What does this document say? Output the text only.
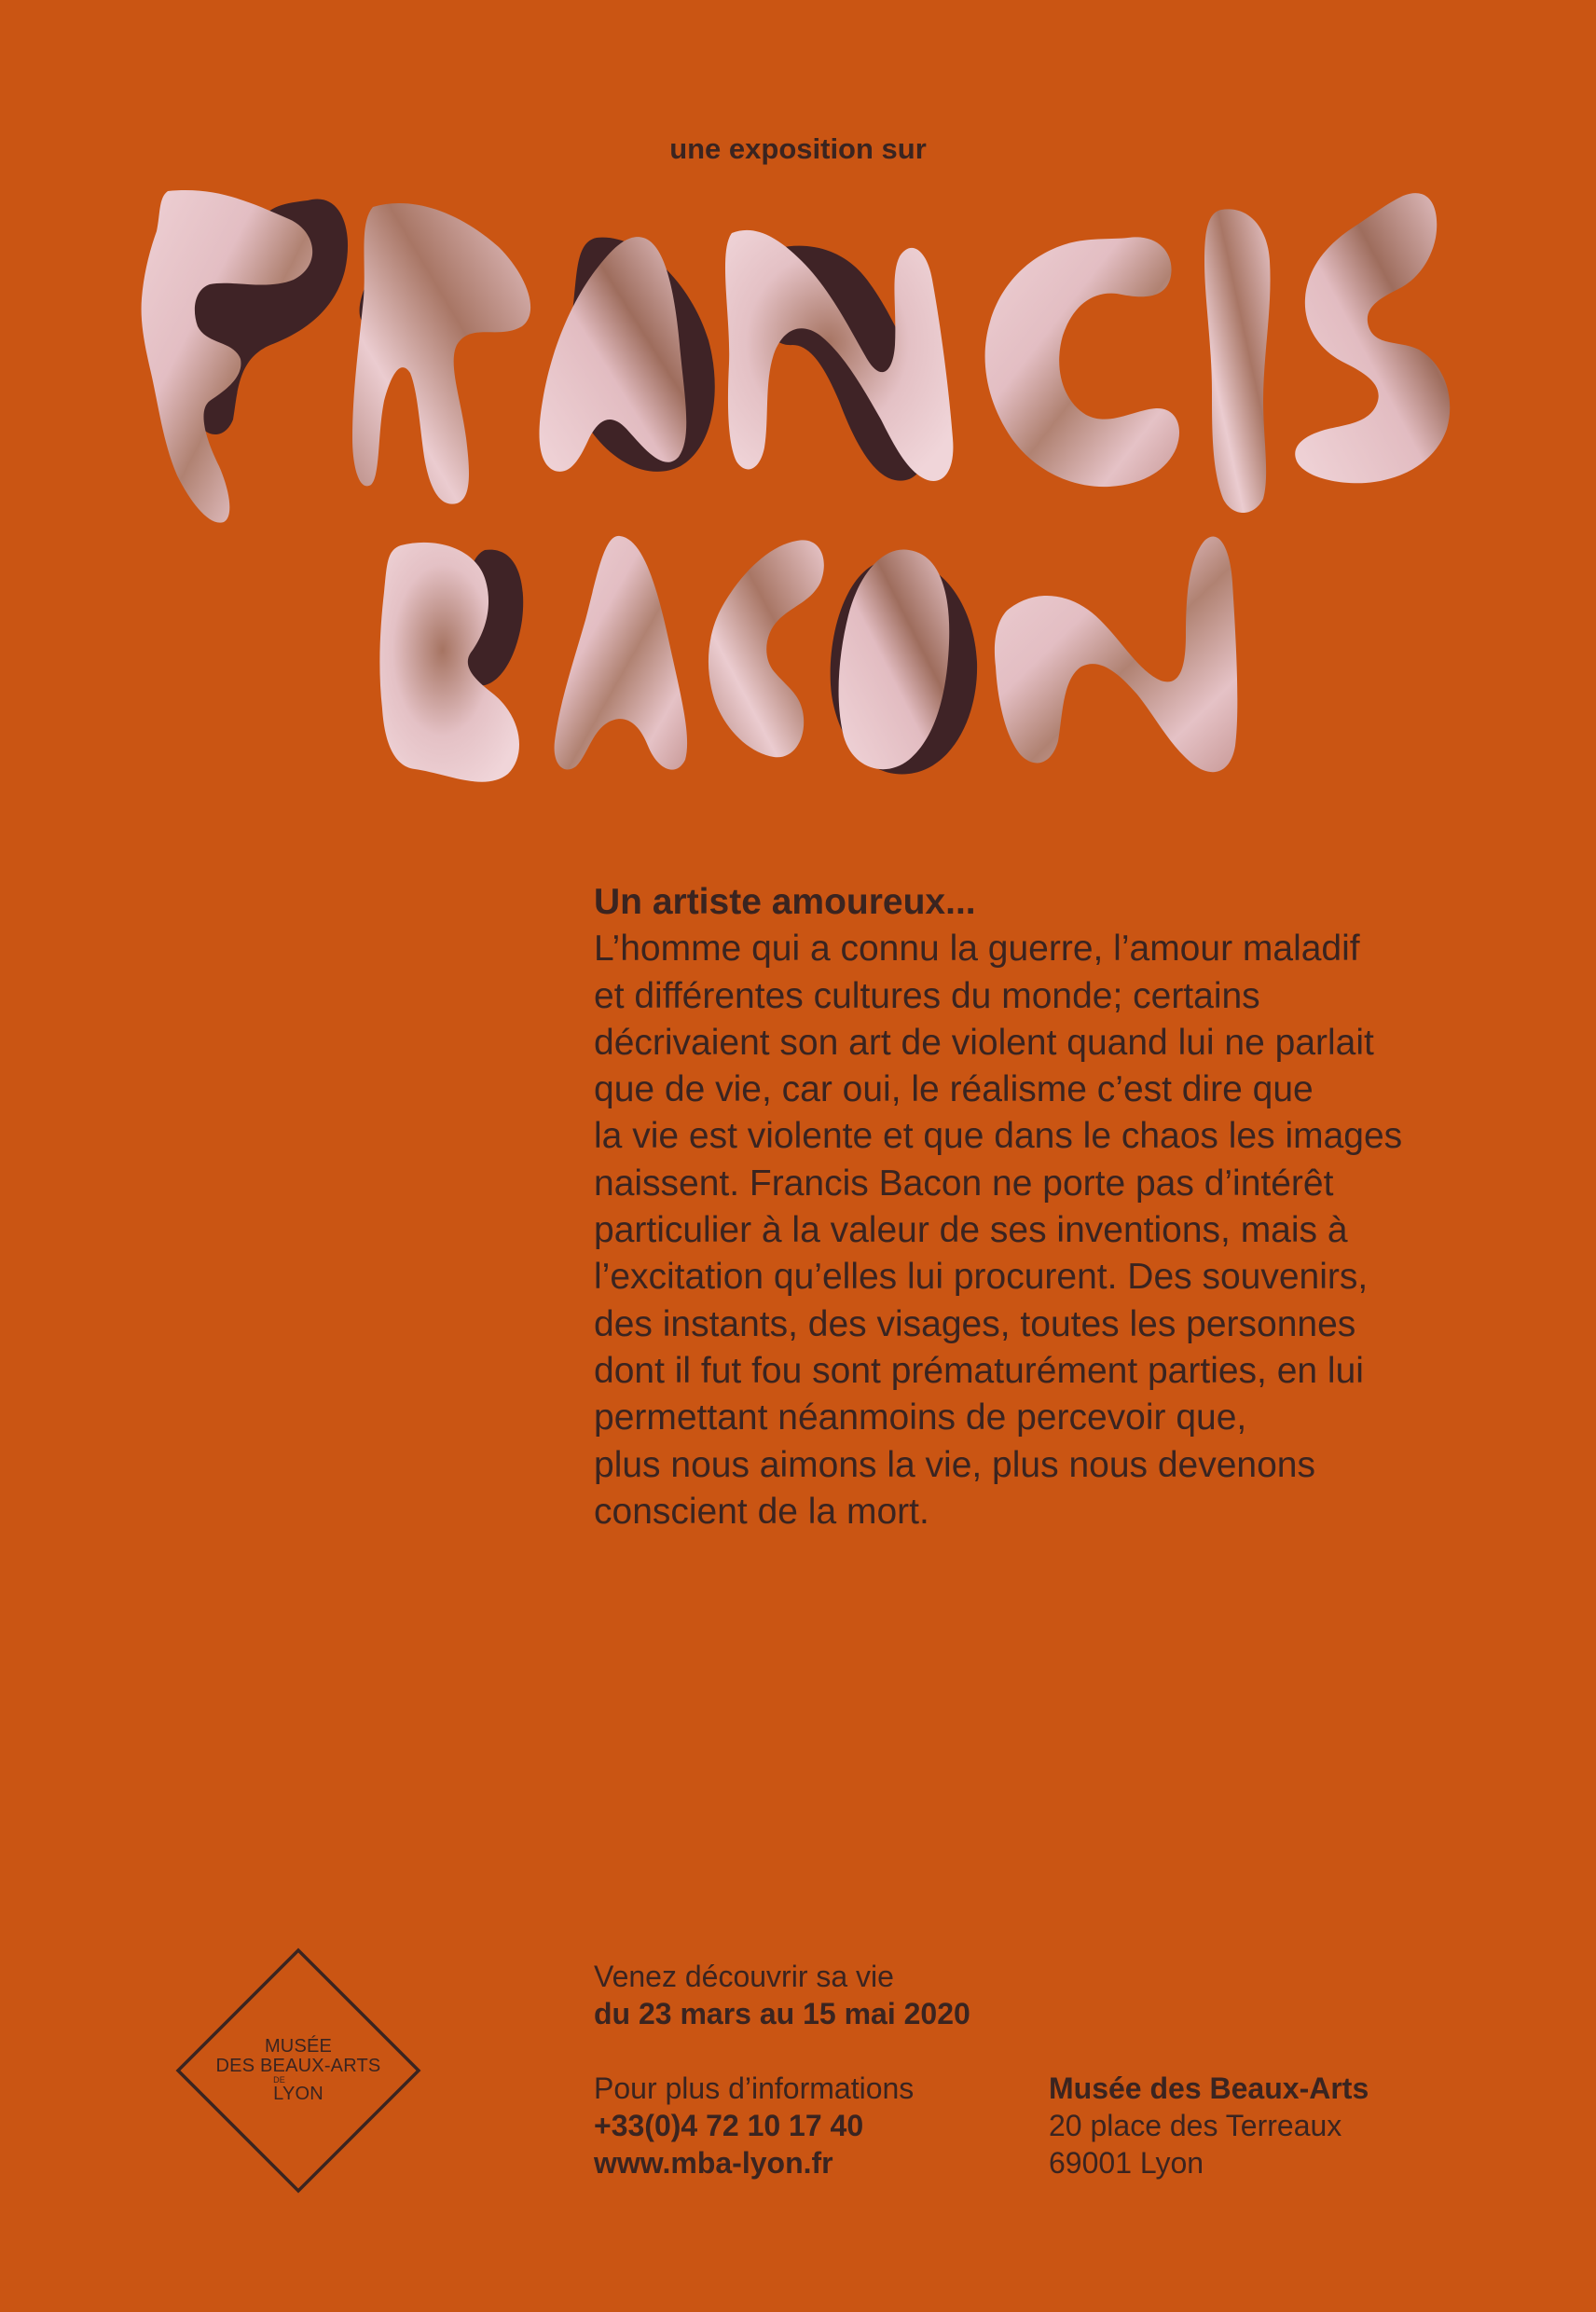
une exposition sur
Un artiste amoureux...
L’homme qui a connu la guerre, l’amour maladif
et différentes cultures du monde; certains
décrivaient son art de violent quand lui ne parlait
que de vie, car oui, le réalisme c’est dire que
la vie est violente et que dans le chaos les images
naissent. Francis Bacon ne porte pas d’intérêt
particulier à la valeur de ses inventions, mais à
l’excitation qu’elles lui procurent. Des souvenirs,
des instants, des visages, toutes les personnes
dont il fut fou sont prématurément parties, en lui
permettant néanmoins de percevoir que,
plus nous aimons la vie, plus nous devenons
conscient de la mort.
MUSÉE
DES BEAUX-ARTS
DE
LYON
Venez découvrir sa vie
du 23 mars au 15 mai 2020
Pour plus d’informations
+33(0)4 72 10 17 40
www.mba-lyon.fr
Musée des Beaux-Arts
20 place des Terreaux
69001 Lyon
